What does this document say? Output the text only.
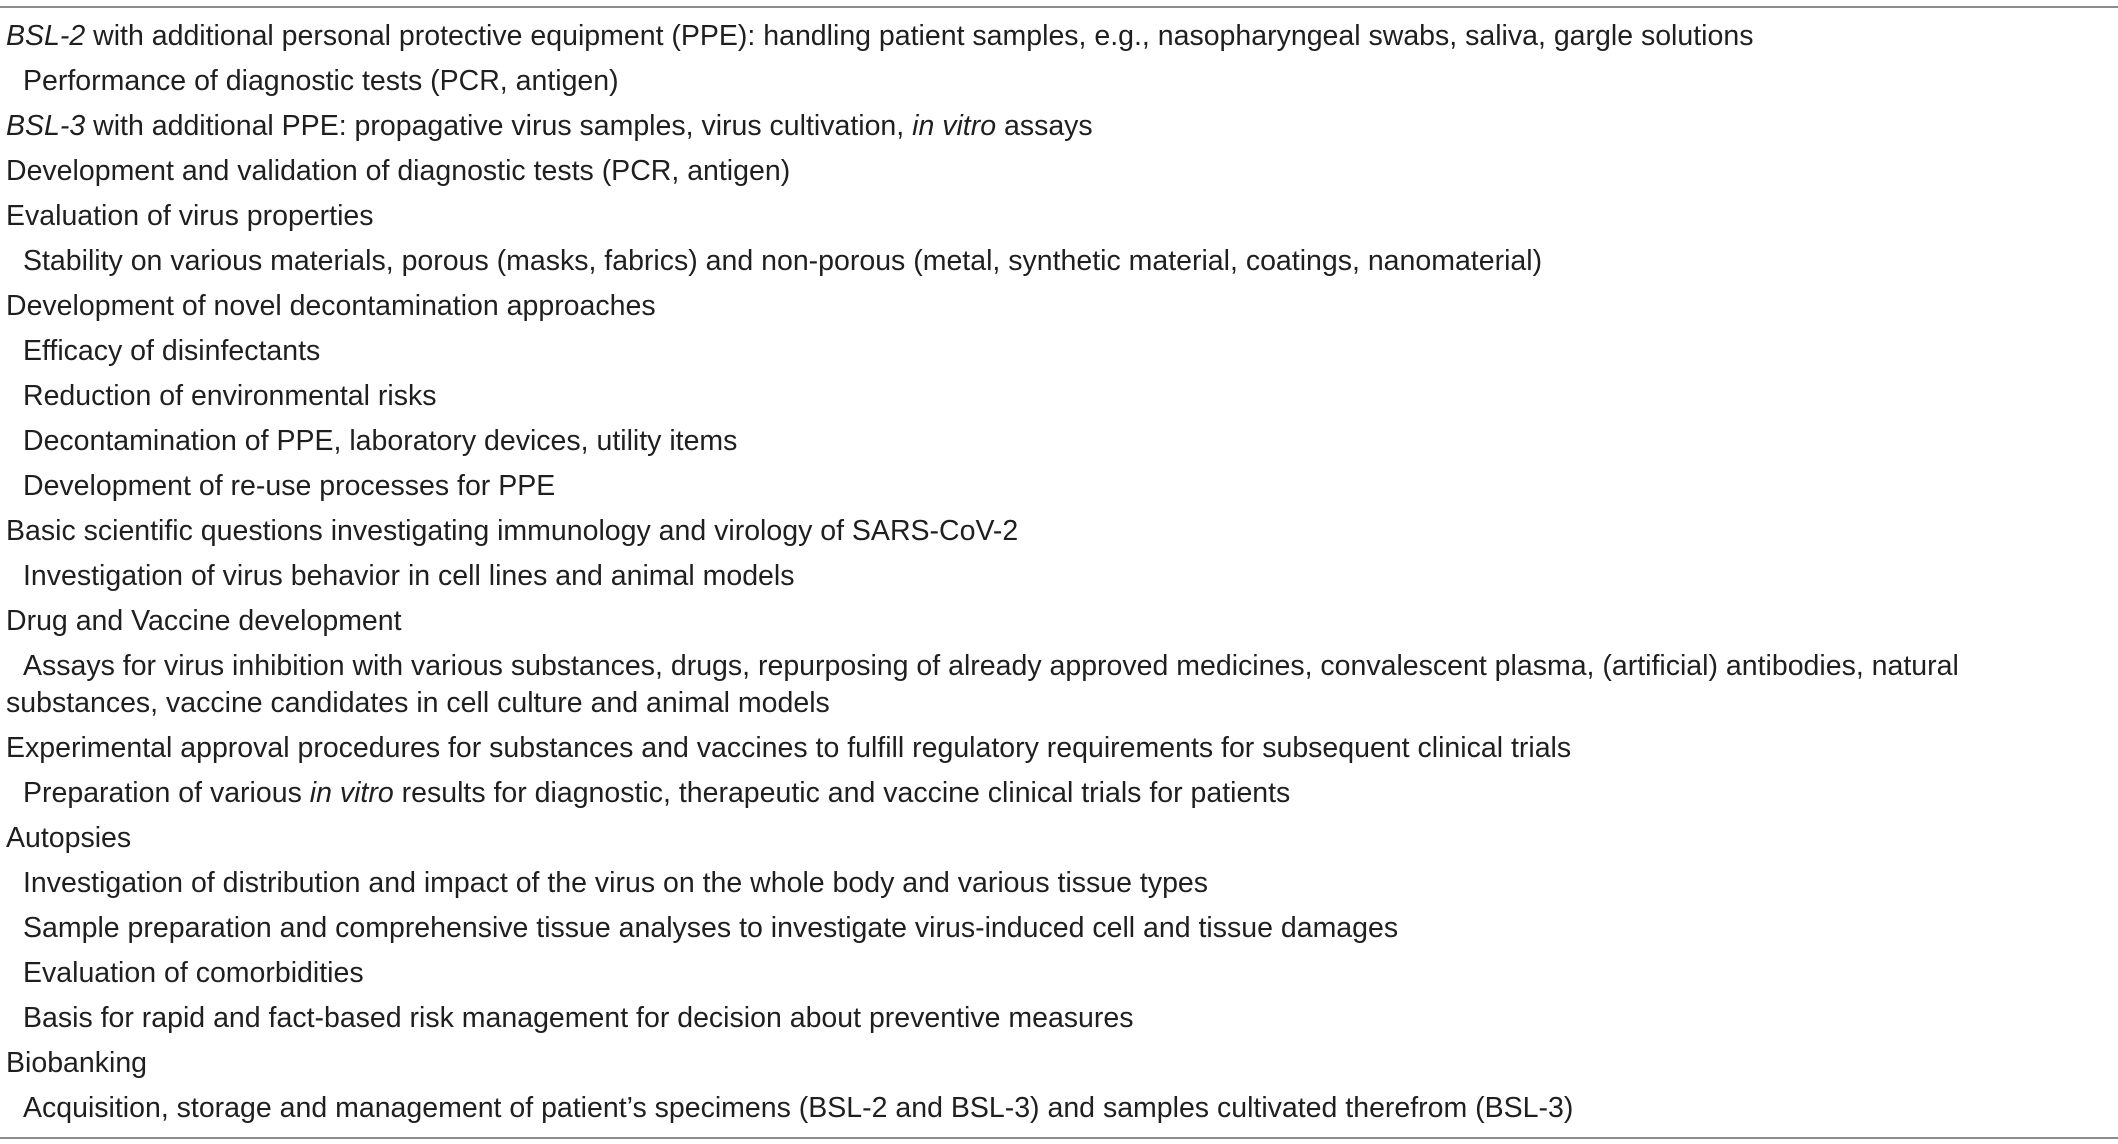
BSL-2 with additional personal protective equipment (PPE): handling patient samples, e.g., nasopharyngeal swabs, saliva, gargle solutions
Performance of diagnostic tests (PCR, antigen)
BSL-3 with additional PPE: propagative virus samples, virus cultivation, in vitro assays
Development and validation of diagnostic tests (PCR, antigen)
Evaluation of virus properties
Stability on various materials, porous (masks, fabrics) and non-porous (metal, synthetic material, coatings, nanomaterial)
Development of novel decontamination approaches
Efficacy of disinfectants
Reduction of environmental risks
Decontamination of PPE, laboratory devices, utility items
Development of re-use processes for PPE
Basic scientific questions investigating immunology and virology of SARS-CoV-2
Investigation of virus behavior in cell lines and animal models
Drug and Vaccine development
Assays for virus inhibition with various substances, drugs, repurposing of already approved medicines, convalescent plasma, (artificial) antibodies, natural substances, vaccine candidates in cell culture and animal models
Experimental approval procedures for substances and vaccines to fulfill regulatory requirements for subsequent clinical trials
Preparation of various in vitro results for diagnostic, therapeutic and vaccine clinical trials for patients
Autopsies
Investigation of distribution and impact of the virus on the whole body and various tissue types
Sample preparation and comprehensive tissue analyses to investigate virus-induced cell and tissue damages
Evaluation of comorbidities
Basis for rapid and fact-based risk management for decision about preventive measures
Biobanking
Acquisition, storage and management of patient’s specimens (BSL-2 and BSL-3) and samples cultivated therefrom (BSL-3)
